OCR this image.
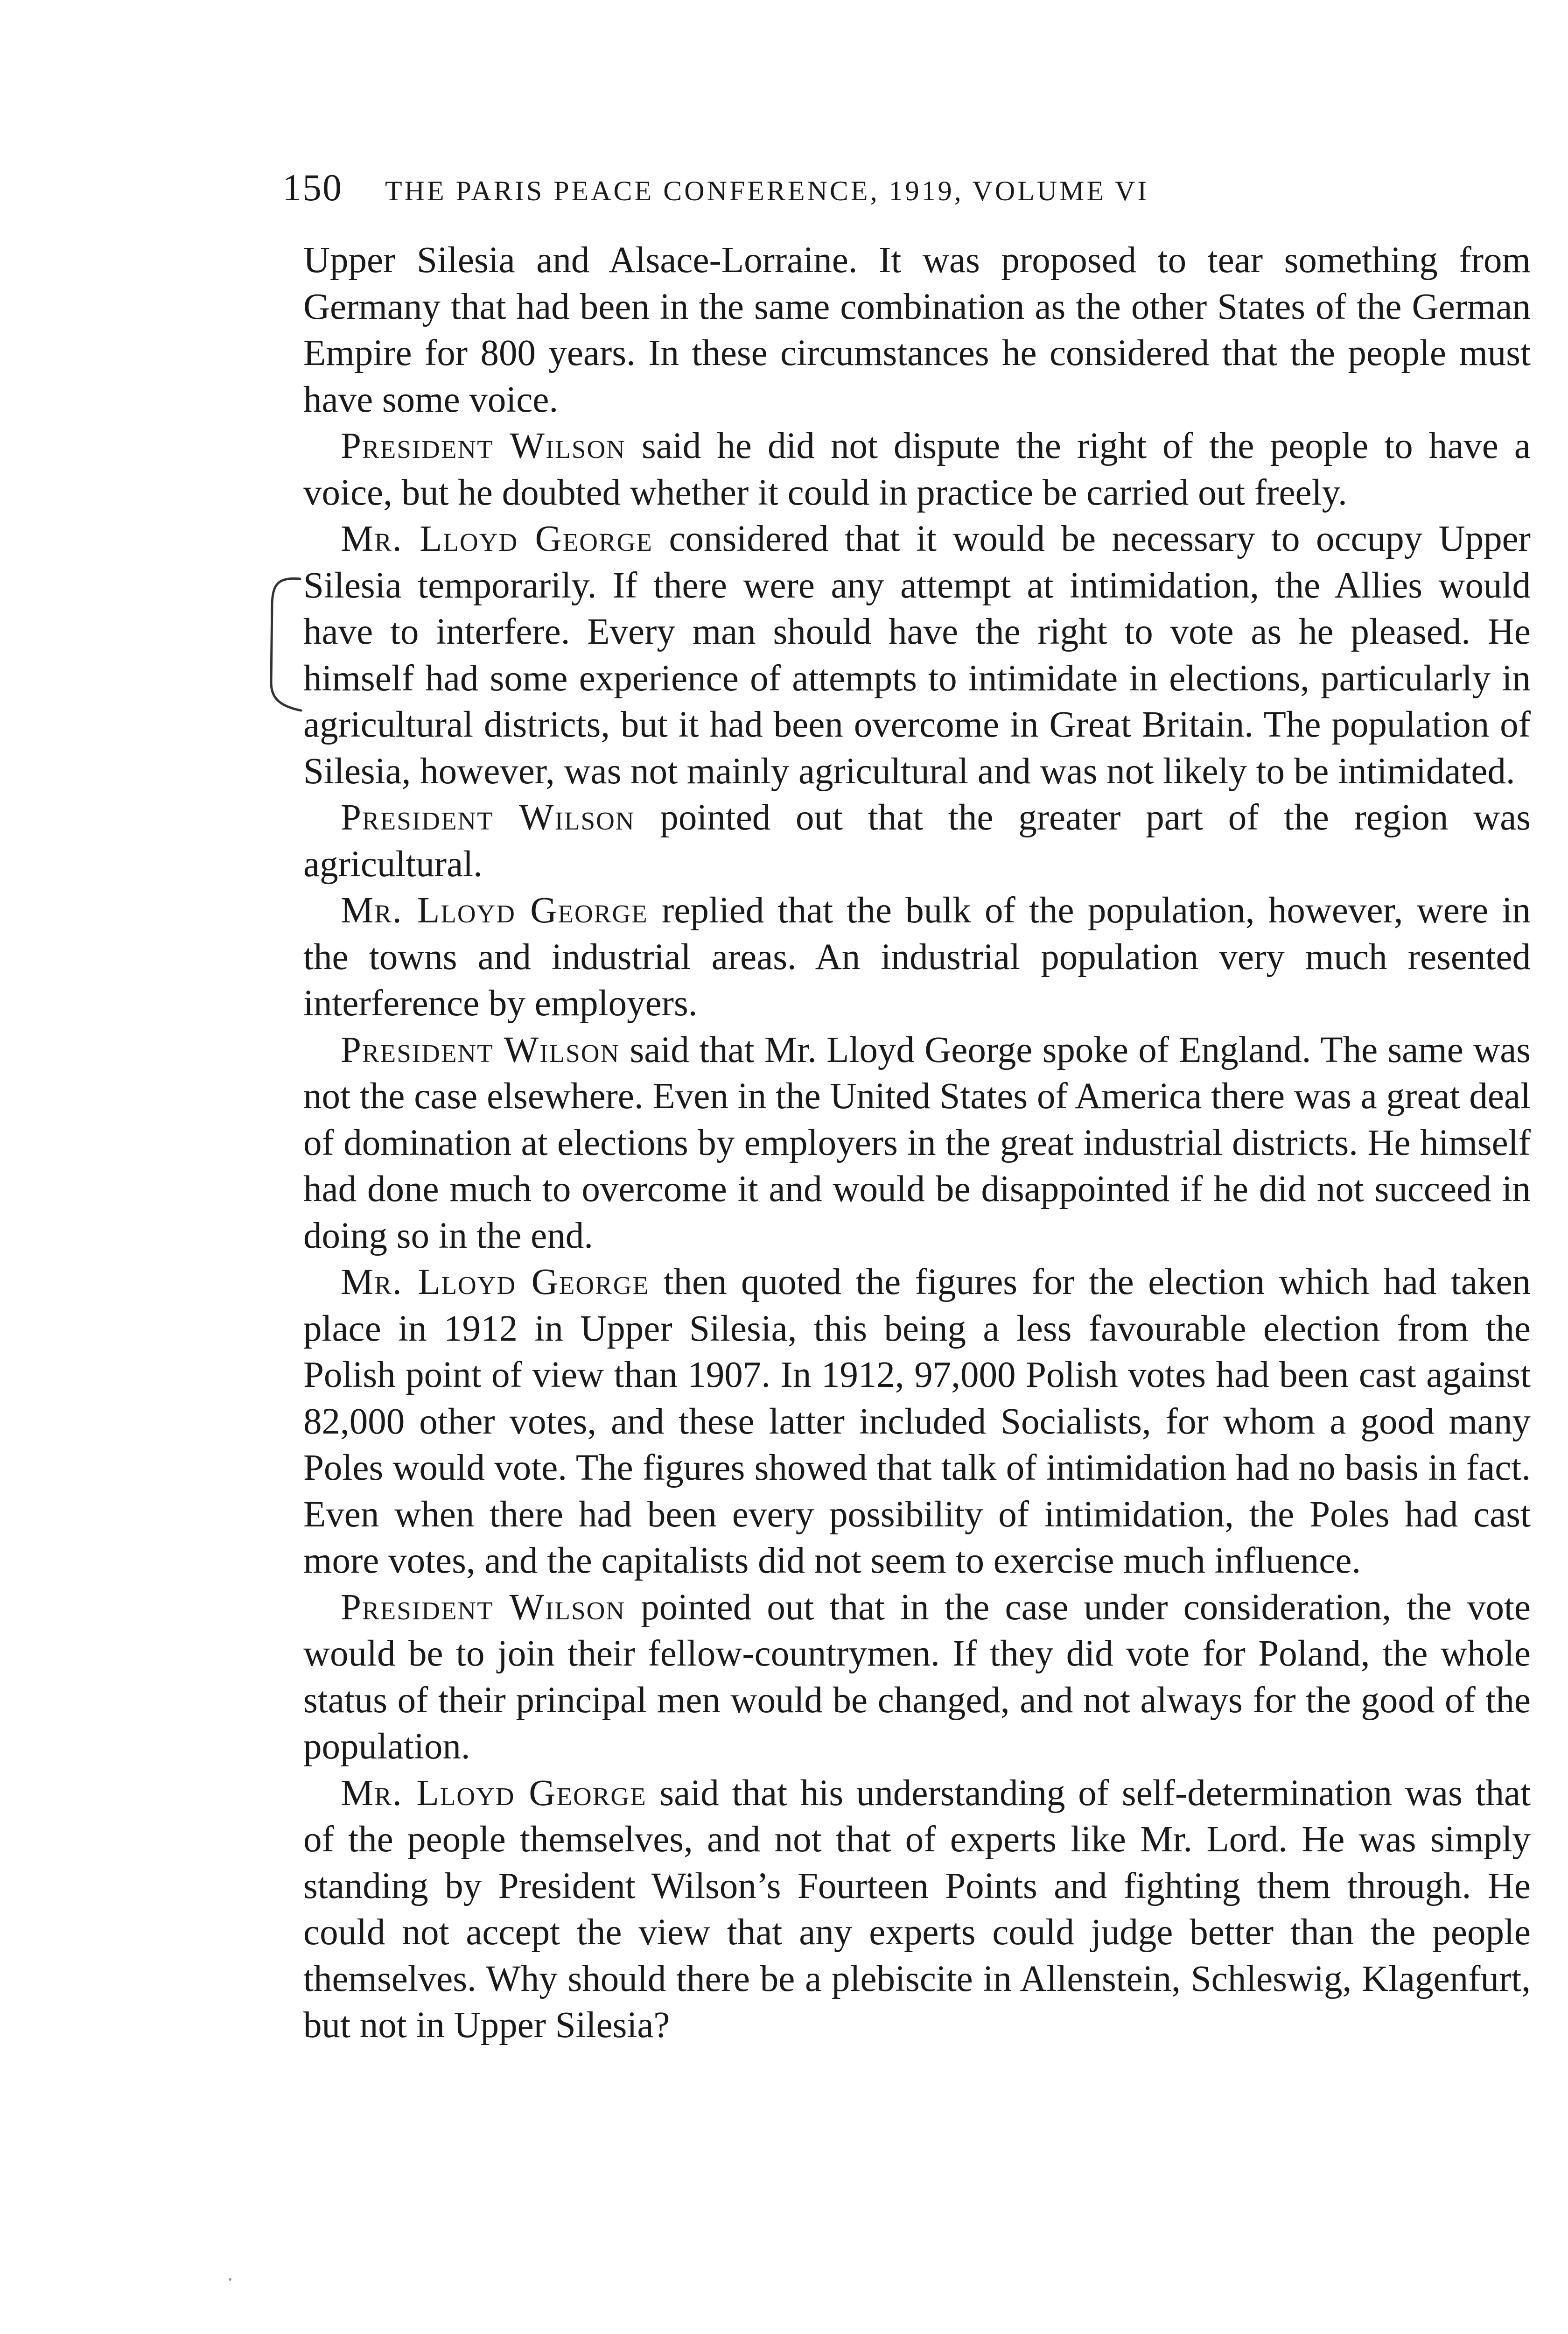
150	THE PARIS PEACE CONFERENCE, 1919, VOLUME VI

Upper Silesia and Alsace-Lorraine. It was proposed to tear something from Germany that had been in the same combination as the other States of the German Empire for 800 years. In these circumstances he considered that the people must have some voice.

President Wilson said he did not dispute the right of the people to have a voice, but he doubted whether it could in practice be carried out freely.

Mr. Lloyd George considered that it would be necessary to occupy Upper Silesia temporarily. If there were any attempt at intimidation, the Allies would have to interfere. Every man should have the right to vote as he pleased. He himself had some experience of attempts to intimidate in elections, particularly in agricultural districts, but it had been overcome in Great Britain. The population of Silesia, however, was not mainly agricultural and was not likely to be intimidated.

President Wilson pointed out that the greater part of the region was agricultural.

Mr. Lloyd George replied that the bulk of the population, however, were in the towns and industrial areas. An industrial population very much resented interference by employers.

President Wilson said that Mr. Lloyd George spoke of England. The same was not the case elsewhere. Even in the United States of America there was a great deal of domination at elections by employers in the great industrial districts. He himself had done much to overcome it and would be disappointed if he did not succeed in doing so in the end.

Mr. Lloyd George then quoted the figures for the election which had taken place in 1912 in Upper Silesia, this being a less favourable election from the Polish point of view than 1907. In 1912, 97,000 Polish votes had been cast against 82,000 other votes, and these latter included Socialists, for whom a good many Poles would vote. The figures showed that talk of intimidation had no basis in fact. Even when there had been every possibility of intimidation, the Poles had cast more votes, and the capitalists did not seem to exercise much influence.

President Wilson pointed out that in the case under consideration, the vote would be to join their fellow-countrymen. If they did vote for Poland, the whole status of their principal men would be changed, and not always for the good of the population.

Mr. Lloyd George said that his understanding of self-determination was that of the people themselves, and not that of experts like Mr. Lord. He was simply standing by President Wilson’s Fourteen Points and fighting them through. He could not accept the view that any experts could judge better than the people themselves. Why should there be a plebiscite in Allenstein, Schleswig, Klagenfurt, but not in Upper Silesia?
